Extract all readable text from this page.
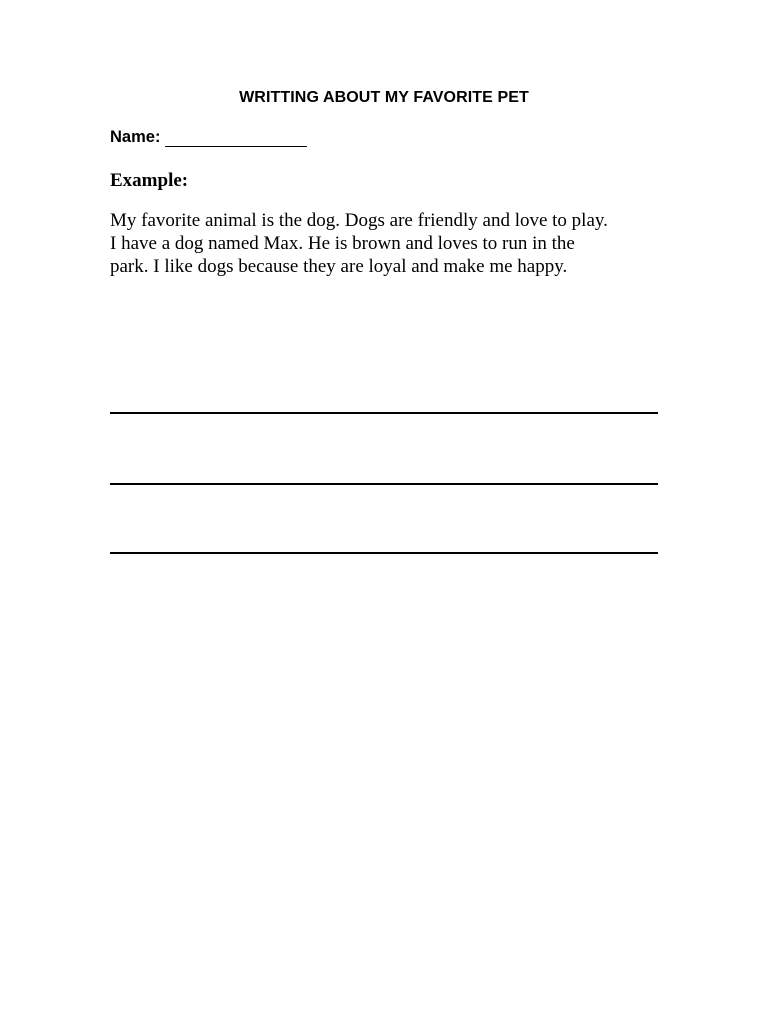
WRITTING ABOUT MY FAVORITE PET
Name:
Example:
My favorite animal is the dog. Dogs are friendly and love to play.
I have a dog named Max. He is brown and loves to run in the
park. I like dogs because they are loyal and make me happy.
